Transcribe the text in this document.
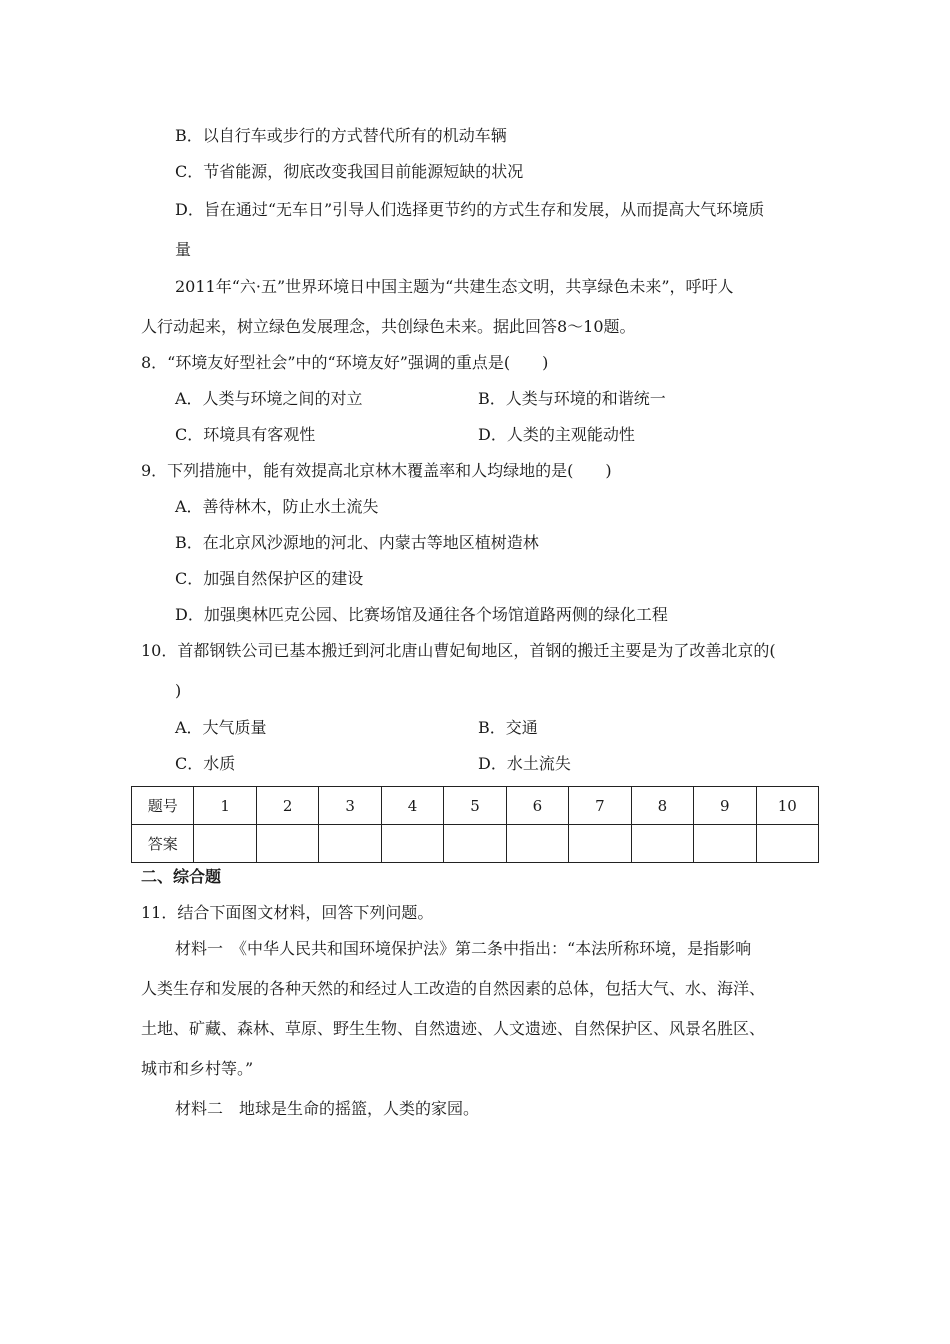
B．以自行车或步行的方式替代所有的机动车辆
C．节省能源，彻底改变我国目前能源短缺的状况
D．旨在通过“无车日”引导人们选择更节约的方式生存和发展，从而提高大气环境质
量
2011年“六·五”世界环境日中国主题为“共建生态文明，共享绿色未来”，呼吁人
人行动起来，树立绿色发展理念，共创绿色未来。据此回答8～10题。
8．“环境友好型社会”中的“环境友好”强调的重点是(　　)
A．人类与环境之间的对立	B．人类与环境的和谐统一
C．环境具有客观性	D．人类的主观能动性
9．下列措施中，能有效提高北京林木覆盖率和人均绿地的是(　　)
A．善待林木，防止水土流失
B．在北京风沙源地的河北、内蒙古等地区植树造林
C．加强自然保护区的建设
D．加强奥林匹克公园、比赛场馆及通往各个场馆道路两侧的绿化工程
10．首都钢铁公司已基本搬迁到河北唐山曹妃甸地区，首钢的搬迁主要是为了改善北京的(
)
A．大气质量	B．交通
C．水质	D．水土流失
题号	1	2	3	4	5	6	7	8	9	10
答案										
二、综合题
11．结合下面图文材料，回答下列问题。
材料一　《中华人民共和国环境保护法》第二条中指出：“本法所称环境，是指影响
人类生存和发展的各种天然的和经过人工改造的自然因素的总体，包括大气、水、海洋、
土地、矿藏、森林、草原、野生生物、自然遗迹、人文遗迹、自然保护区、风景名胜区、
城市和乡村等。”
材料二　地球是生命的摇篮，人类的家园。
